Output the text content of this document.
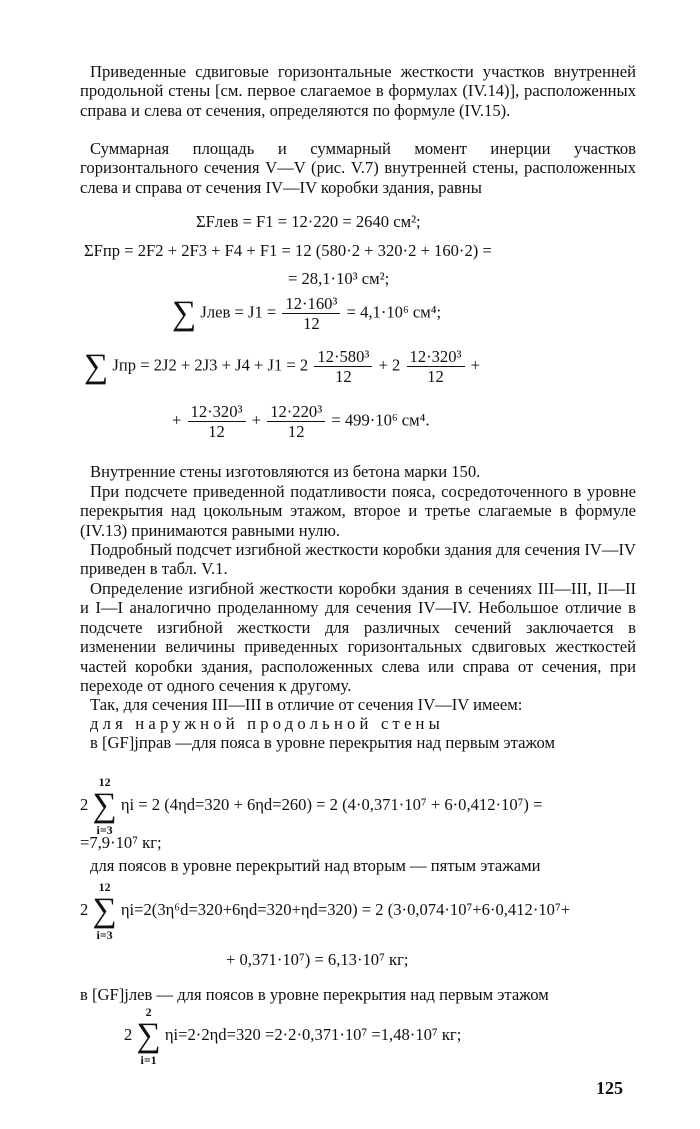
Приведенные сдвиговые горизонтальные жесткости участков внутренней продольной стены [см. первое слагаемое в формулах (IV.14)], расположенных справа и слева от сечения, определяются по формуле (IV.15).
Суммарная площадь и суммарный момент инерции участков горизонтального сечения V—V (рис. V.7) внутренней стены, расположенных слева и справа от сечения IV—IV коробки здания, равны
ΣFлев = F1 = 12·220 = 2640 см²;
ΣFпр = 2F2 + 2F3 + F4 + F1 = 12 (580·2 + 320·2 + 160·2) =
= 28,1·10³ см²;
∑ Jлев = $J1 = \frac{\text{12·160³}}{12} = 4,1\cdot 10^6$ см⁴;
∑ Jпр = $2J2 + 2J3 + J4 + J1 = 2 \frac{\text{12·580³}}{12} + 2 \frac{\text{12·320³}}{12}$ +
+ $\frac{\text{12·320³}}{12} + \frac{\text{12·220³}}{12} = 499\cdot 10^6$ см⁴.
Внутренние стены изготовляются из бетона марки 150.
При подсчете приведенной податливости пояса, сосредоточенного в уровне перекрытия над цокольным этажом, второе и третье слагаемые в формуле (IV.13) принимаются равными нулю.
Подробный подсчет изгибной жесткости коробки здания для сечения IV—IV приведен в табл. V.1.
Определение изгибной жесткости коробки здания в сечениях III—III, II—II и I—I аналогично проделанному для сечения IV—IV. Небольшое отличие в подсчете изгибной жесткости для различных сечений заключается в изменении величины приведенных горизонтальных сдвиговых жесткостей частей коробки здания, расположенных слева или справа от сечения, при переходе от одного сечения к другому.
Так, для сечения III—III в отличие от сечения IV—IV имеем:
для наружной продольной стены
в [GF]jправ —для пояса в уровне перекрытия над первым этажом
2
12
∑
i=3
ηi = 2 (4ηd=320 + 6ηd=260) = 2 (4·0,371·10⁷ + 6·0,412·10⁷) =
=7,9·10⁷ кг;
для поясов в уровне перекрытий над вторым — пятым этажами
2
12
∑
i=3
ηi=2(3η⁶d=320+6ηd=320+ηd=320) = 2 (3·0,074·10⁷+6·0,412·10⁷+
+ 0,371·10⁷) = 6,13·10⁷ кг;
в [GF]jлев — для поясов в уровне перекрытия над первым этажом
2
2
∑
i=1
ηi=2·2ηd=320 =2·2·0,371·10⁷ =1,48·10⁷ кг;
125
